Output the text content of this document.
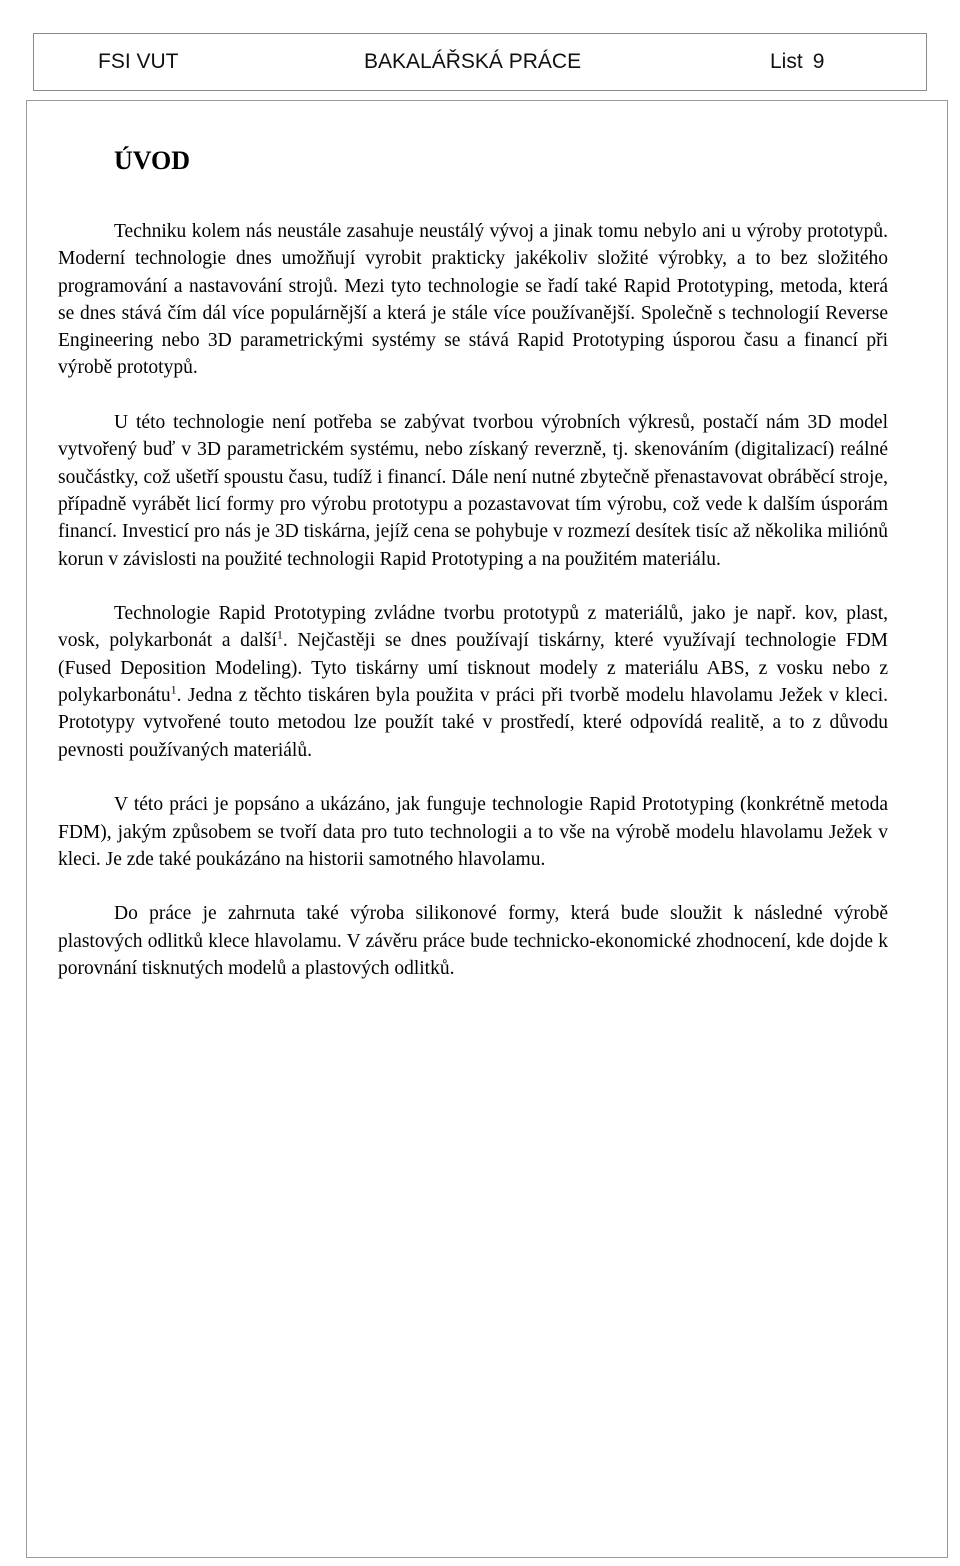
FSI VUT	BAKALÁŘSKÁ PRÁCE	List 9
ÚVOD

Techniku kolem nás neustále zasahuje neustálý vývoj a jinak tomu nebylo ani u výroby prototypů. Moderní technologie dnes umožňují vyrobit prakticky jakékoliv složité výrobky, a to bez složitého programování a nastavování strojů. Mezi tyto technologie se řadí také Rapid Prototyping, metoda, která se dnes stává čím dál více populárnější a která je stále více používanější. Společně s technologií Reverse Engineering nebo 3D parametrickými systémy se stává Rapid Prototyping úsporou času a financí při výrobě prototypů.

U této technologie není potřeba se zabývat tvorbou výrobních výkresů, postačí nám 3D model vytvořený buď v 3D parametrickém systému, nebo získaný reverzně, tj. skenováním (digitalizací) reálné součástky, což ušetří spoustu času, tudíž i financí. Dále není nutné zbytečně přenastavovat obráběcí stroje, případně vyrábět licí formy pro výrobu prototypu a pozastavovat tím výrobu, což vede k dalším úsporám financí. Investicí pro nás je 3D tiskárna, jejíž cena se pohybuje v rozmezí desítek tisíc až několika miliónů korun v závislosti na použité technologii Rapid Prototyping a na použitém materiálu.

Technologie Rapid Prototyping zvládne tvorbu prototypů z materiálů, jako je např. kov, plast, vosk, polykarbonát a další$^1$. Nejčastěji se dnes používají tiskárny, které využívají technologie FDM (Fused Deposition Modeling). Tyto tiskárny umí tisknout modely z materiálu ABS, z vosku nebo z polykarbonátu$^1$. Jedna z těchto tiskáren byla použita v práci při tvorbě modelu hlavolamu Ježek v kleci. Prototypy vytvořené touto metodou lze použít také v prostředí, které odpovídá realitě, a to z důvodu pevnosti používaných materiálů.

V této práci je popsáno a ukázáno, jak funguje technologie Rapid Prototyping (konkrétně metoda FDM), jakým způsobem se tvoří data pro tuto technologii a to vše na výrobě modelu hlavolamu Ježek v kleci. Je zde také poukázáno na historii samotného hlavolamu.

Do práce je zahrnuta také výroba silikonové formy, která bude sloužit k následné výrobě plastových odlitků klece hlavolamu. V závěru práce bude technicko-ekonomické zhodnocení, kde dojde k porovnání tisknutých modelů a plastových odlitků.
